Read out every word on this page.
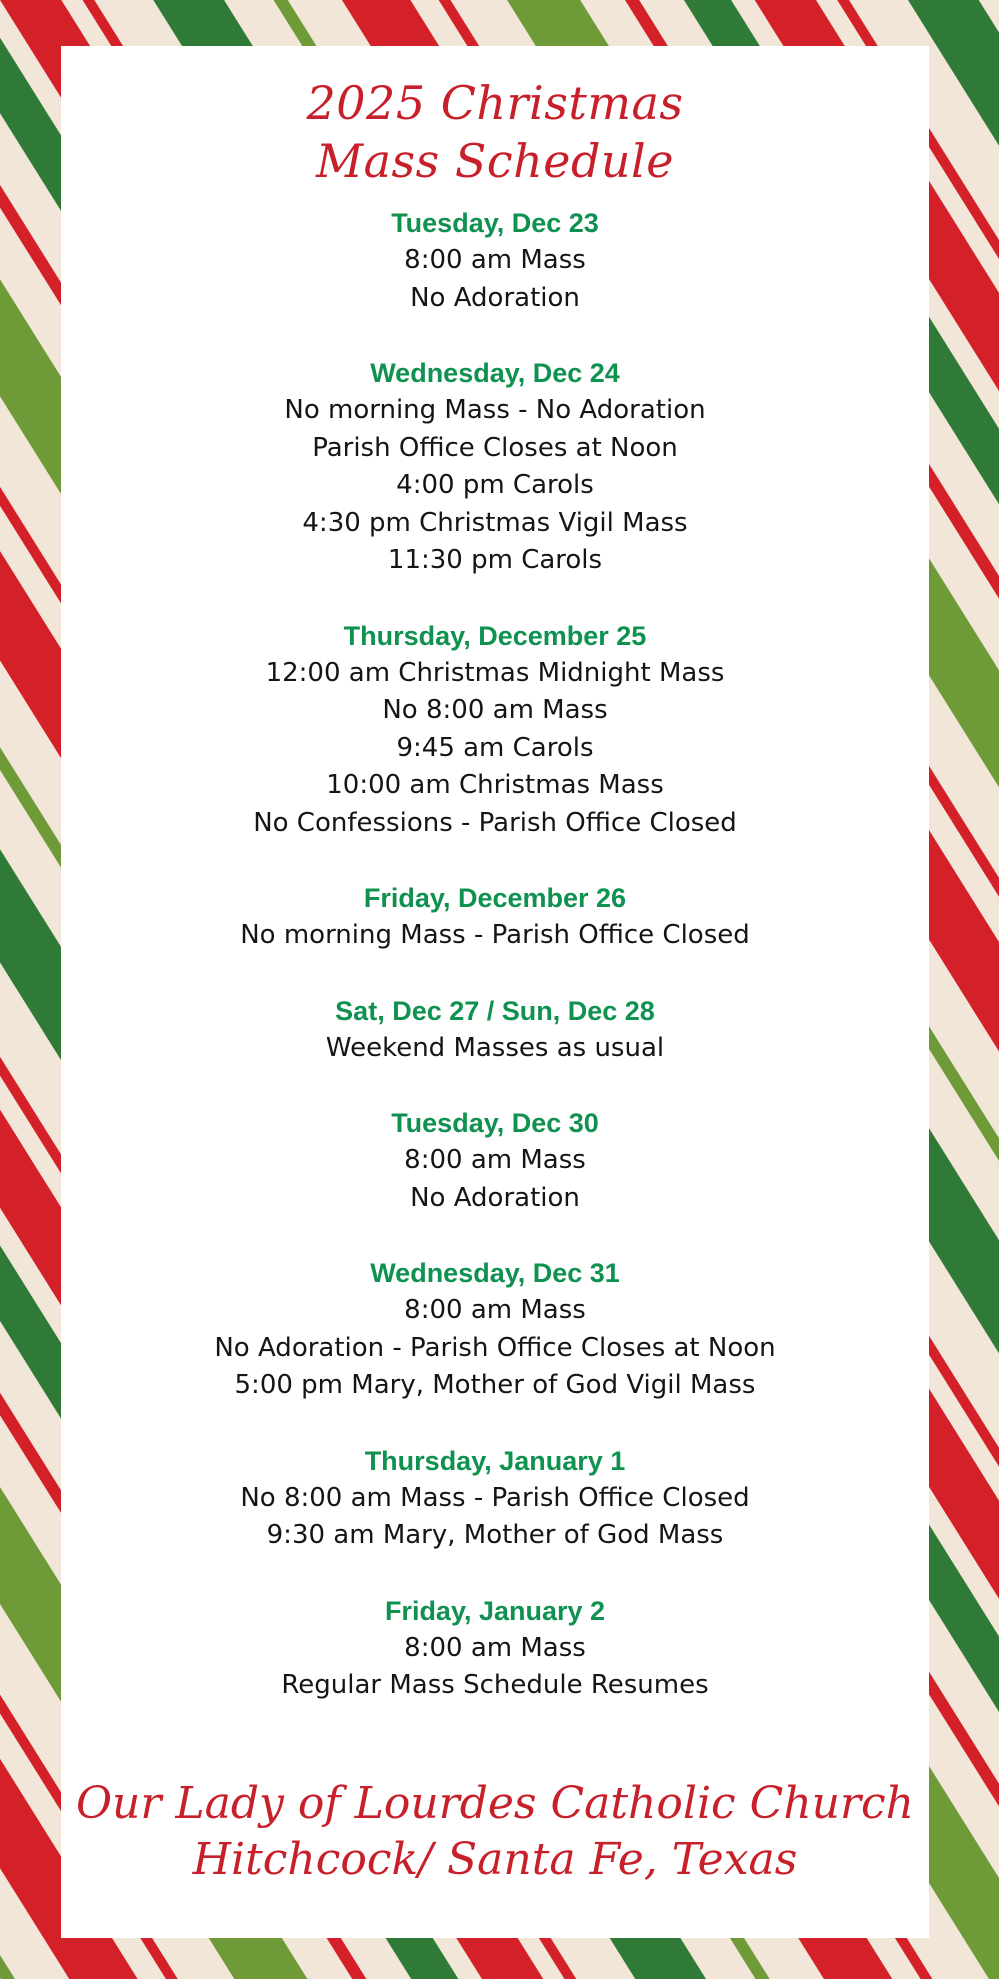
2025 Christmas
Mass Schedule
Tuesday, Dec 23
8:00 am Mass
No Adoration
Wednesday, Dec 24
No morning Mass - No Adoration
Parish Office Closes at Noon
4:00 pm Carols
4:30 pm Christmas Vigil Mass
11:30 pm Carols
Thursday, December 25
12:00 am Christmas Midnight Mass
No 8:00 am Mass
9:45 am Carols
10:00 am Christmas Mass
No Confessions - Parish Office Closed
Friday, December 26
No morning Mass - Parish Office Closed
Sat, Dec 27 / Sun, Dec 28
Weekend Masses as usual
Tuesday, Dec 30
8:00 am Mass
No Adoration
Wednesday, Dec 31
8:00 am Mass
No Adoration - Parish Office Closes at Noon
5:00 pm Mary, Mother of God Vigil Mass
Thursday, January 1
No 8:00 am Mass - Parish Office Closed
9:30 am Mary, Mother of God Mass
Friday, January 2
8:00 am Mass
Regular Mass Schedule Resumes
Our Lady of Lourdes Catholic Church
Hitchcock/ Santa Fe, Texas
